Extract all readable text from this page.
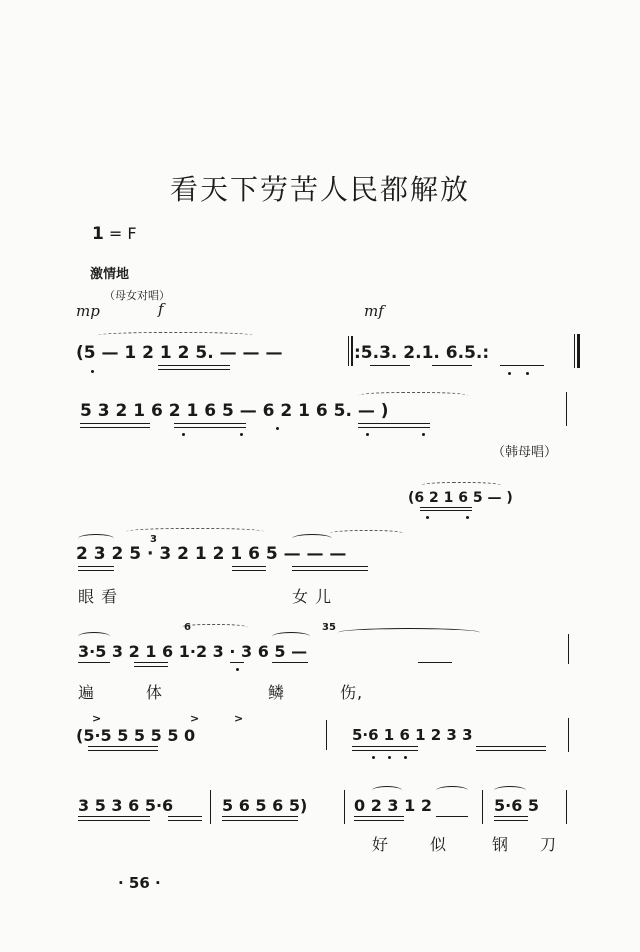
看天下劳苦人民都解放
1 = F
激情地
（母女对唱）
mp	f	mf
(5 — 1 2 1 2 5. — — —	:5.3. 2.1. 6.5.:
5 3 2 1 6 2 1 6 5 — 6 2 1 6 5. — )
（韩母唱）
(6 2 1 6 5 — )
2 3 2 5 · 3 2 1 2 1 6 5 — — —
3
眼 看	女 儿
3·5 3 2 1 6 1·2 3 · 3 6 5 —
6	35
遍	体	鳞	伤,
(5·5 5 5 5 5 0
>	>	>
5·6 1 6 1 2 3 3
3 5 3 6 5·6	5 6 5 6 5)	0 2 3 1 2	5·6 5
好	似	钢 刀
· 56 ·
